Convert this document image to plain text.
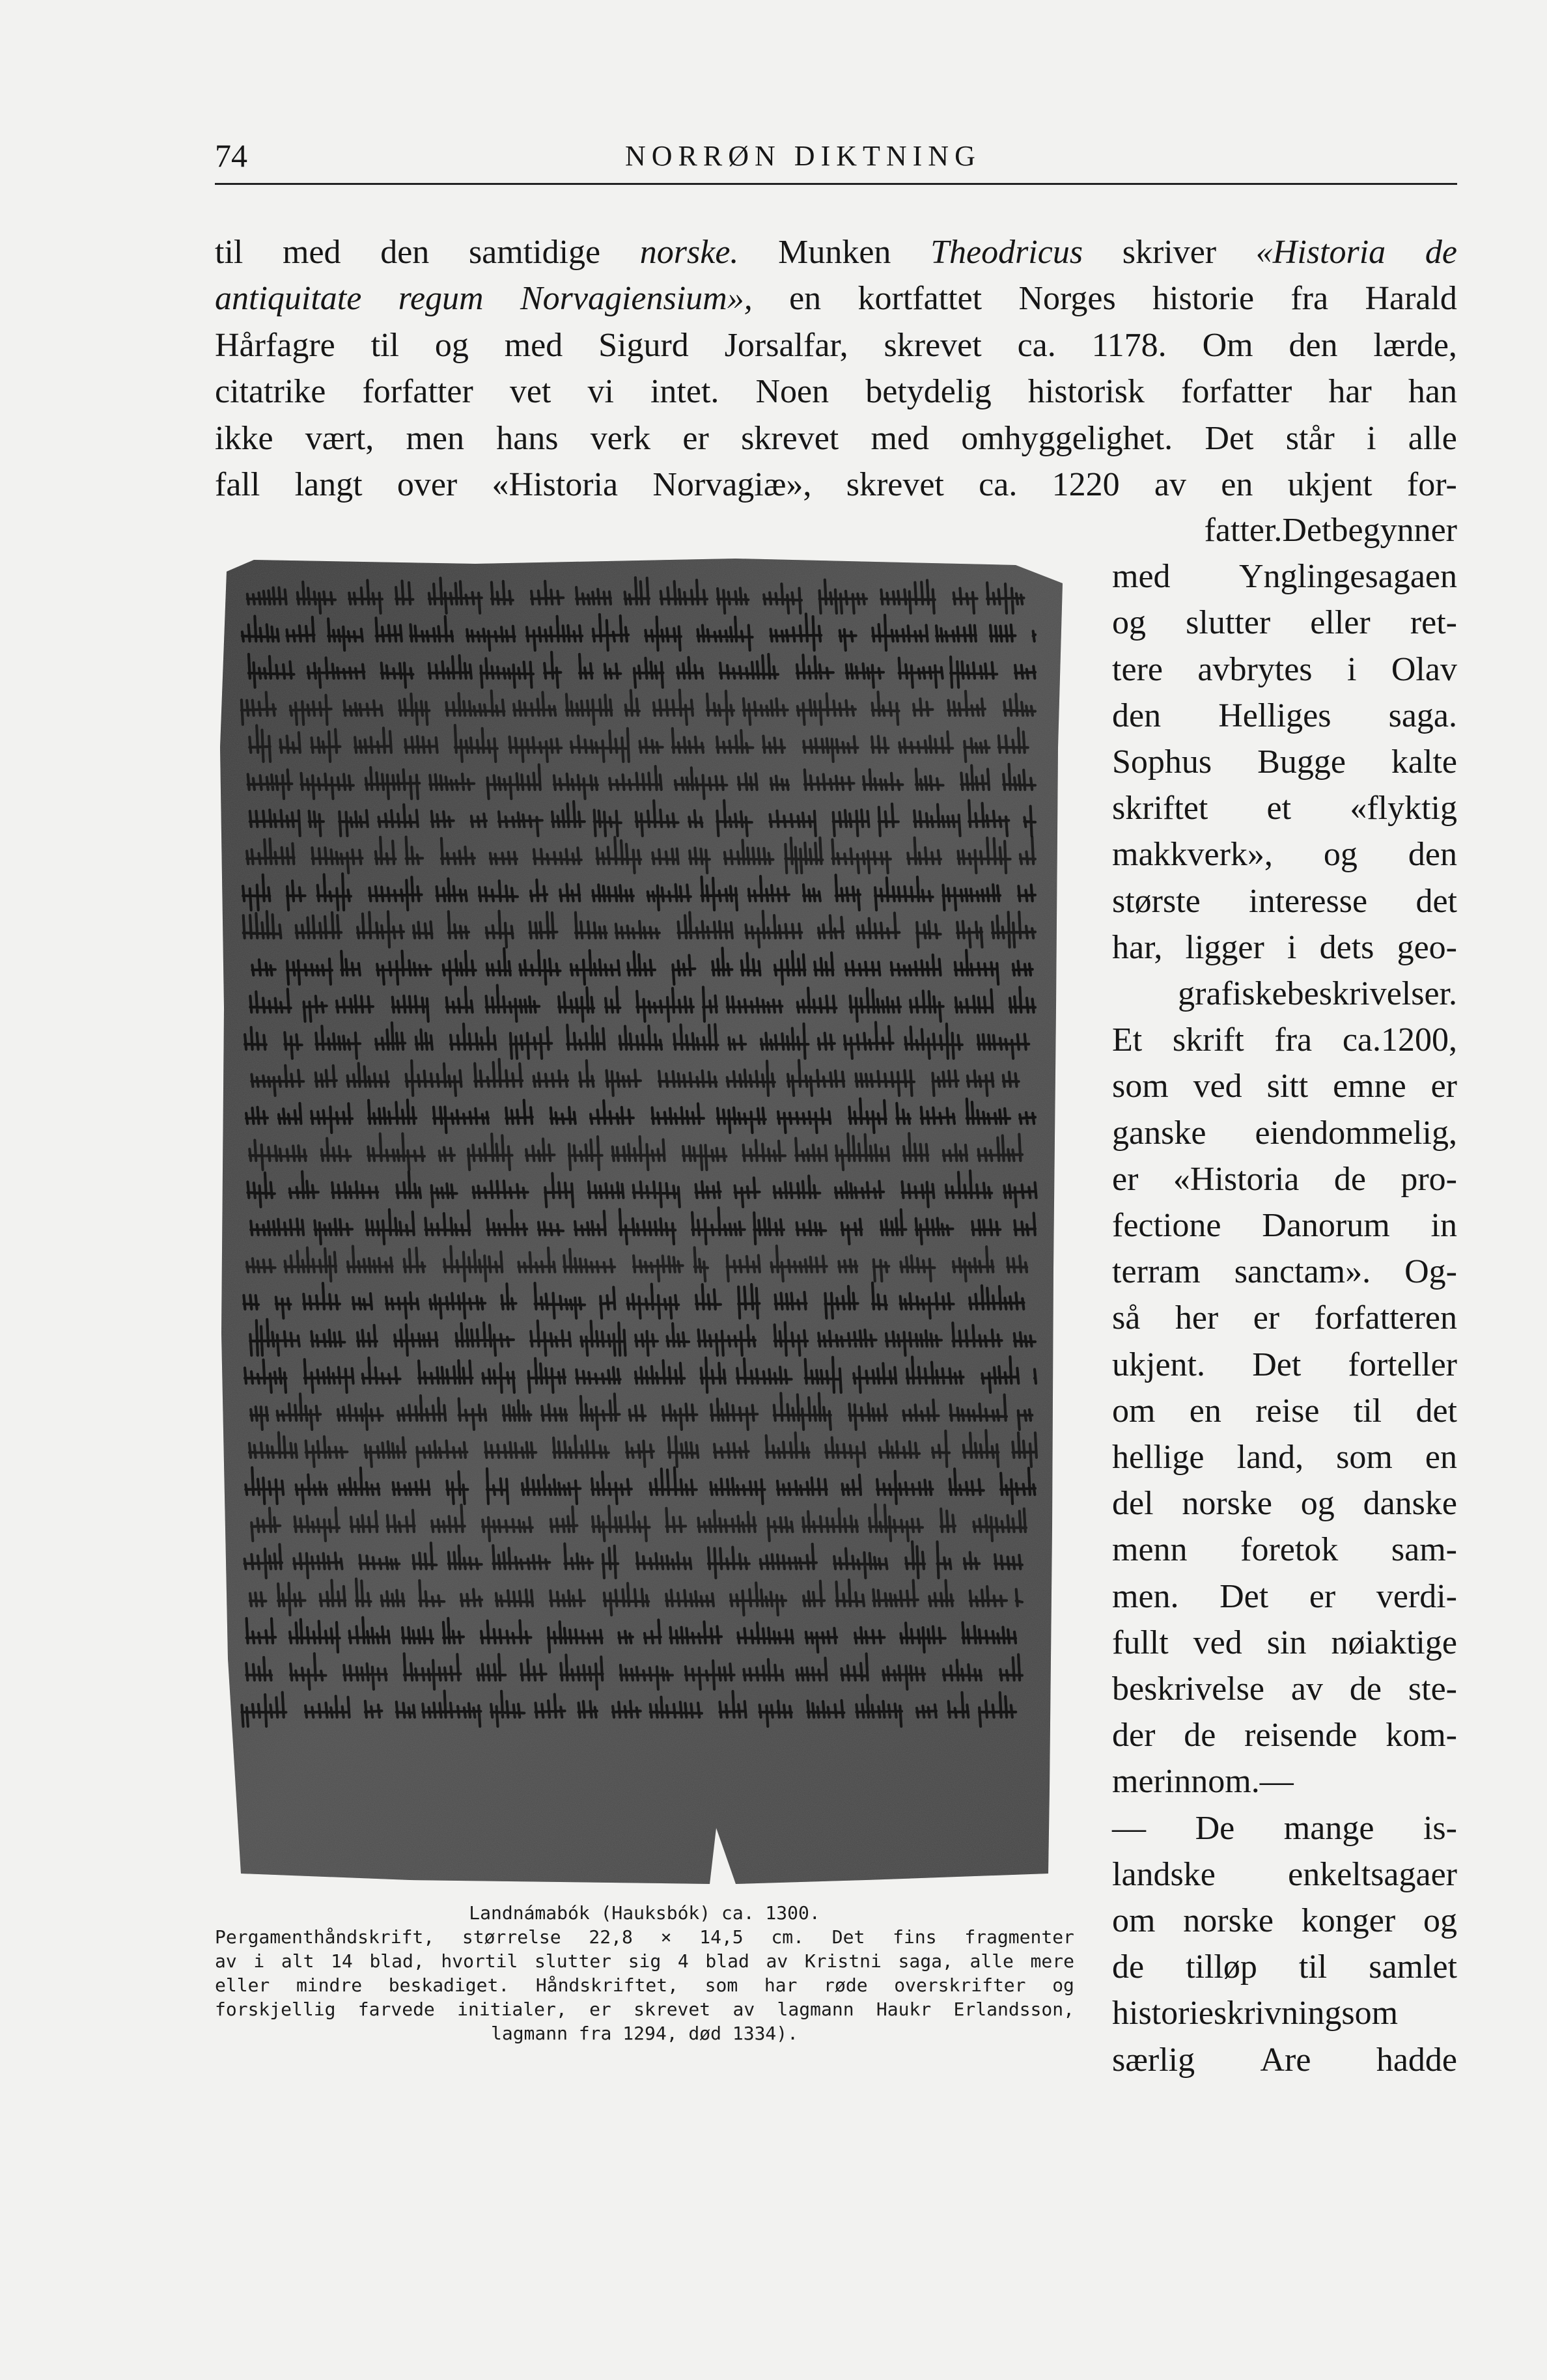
74	NORRØN DIKTNING
til med den samtidige norske. Munken Theodricus skriver «Historia de
antiquitate regum Norvagiensium», en kortfattet Norges historie fra Harald
Hårfagre til og med Sigurd Jorsalfar, skrevet ca. 1178. Om den lærde,
citatrike forfatter vet vi intet. Noen betydelig historisk forfatter har han
ikke vært, men hans verk er skrevet med omhyggelighet. Det står i alle
fall langt over «Historia Norvagiæ», skrevet ca. 1220 av en ukjent for-
fatter. Det begynner
med Ynglingesagaen
og slutter eller ret-
tere avbrytes i Olav
den Helliges saga.
Sophus Bugge kalte
skriftet et «flyktig
makkverk», og den
største interesse det
har, ligger i dets geo-
grafiske beskrivelser.
Et skrift fra ca.1200,
som ved sitt emne er
ganske eiendommelig,
er «Historia de pro-
fectione Danorum in
terram sanctam». Og-
så her er forfatteren
ukjent. Det forteller
om en reise til det
hellige land, som en
del norske og danske
menn foretok sam-
men. Det er verdi-
fullt ved sin nøiaktige
beskrivelse av de ste-
der de reisende kom-
mer innom. —
— De mange is-
landske enkeltsagaer
om norske konger og
de tilløp til samlet
historieskrivning som
særlig Are hadde
Landnámabók (Hauksbók) ca. 1300.
Pergamenthåndskrift, størrelse 22,8 × 14,5 cm. Det fins fragmenter
av i alt 14 blad, hvortil slutter sig 4 blad av Kristni saga, alle mere
eller mindre beskadiget. Håndskriftet, som har røde overskrifter og
forskjellig farvede initialer, er skrevet av lagmann Haukr Erlandsson,
lagmann fra 1294, død 1334).
